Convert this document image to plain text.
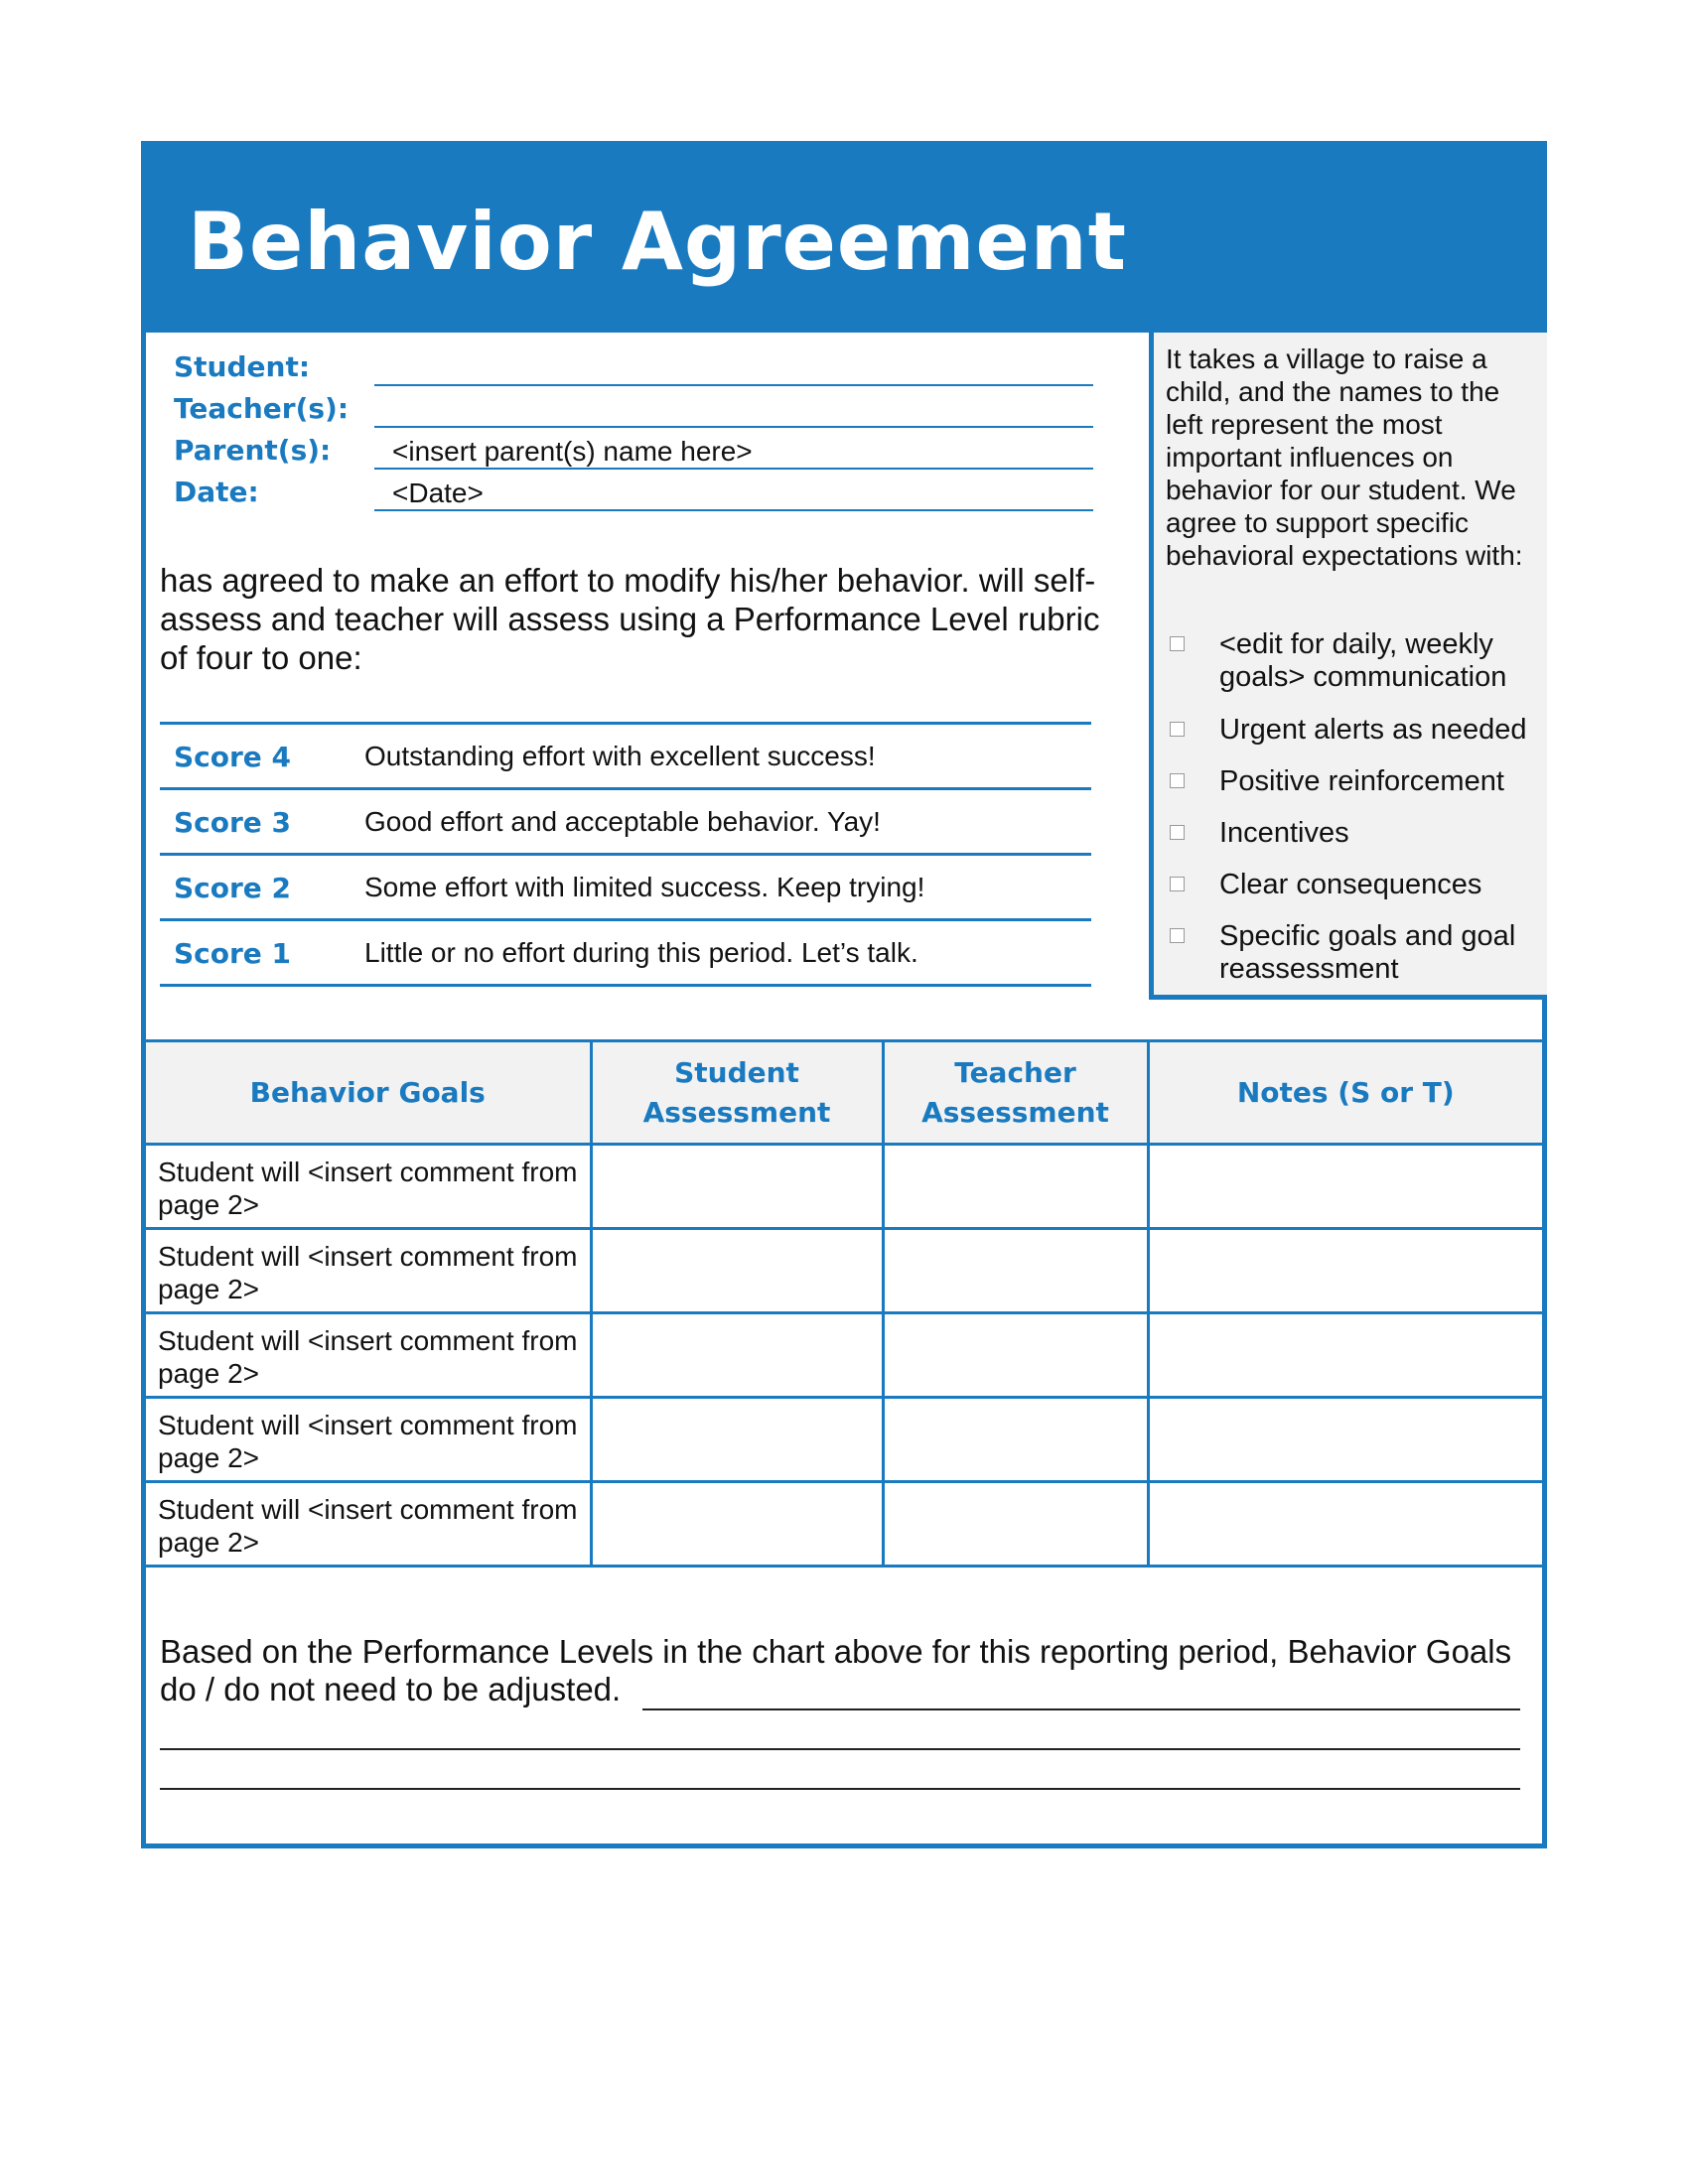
Behavior Agreement
Student:
Teacher(s):
Parent(s):	<insert parent(s) name here>
Date:	<Date>
has agreed to make an effort to modify his/her behavior. will self-assess and teacher will assess using a Performance Level rubric of four to one:
Score 4	Outstanding effort with excellent success!
Score 3	Good effort and acceptable behavior. Yay!
Score 2	Some effort with limited success. Keep trying!
Score 1	Little or no effort during this period. Let’s talk.
It takes a village to raise a child, and the names to the left represent the most important influences on behavior for our student. We agree to support specific behavioral expectations with:
<edit for daily, weekly goals> communication
Urgent alerts as needed
Positive reinforcement
Incentives
Clear consequences
Specific goals and goal reassessment
Behavior Goals	Student Assessment	Teacher Assessment	Notes (S or T)
Student will <insert comment from page 2>			
Student will <insert comment from page 2>			
Student will <insert comment from page 2>			
Student will <insert comment from page 2>			
Student will <insert comment from page 2>			
Based on the Performance Levels in the chart above for this reporting period, Behavior Goals do / do not need to be adjusted.
